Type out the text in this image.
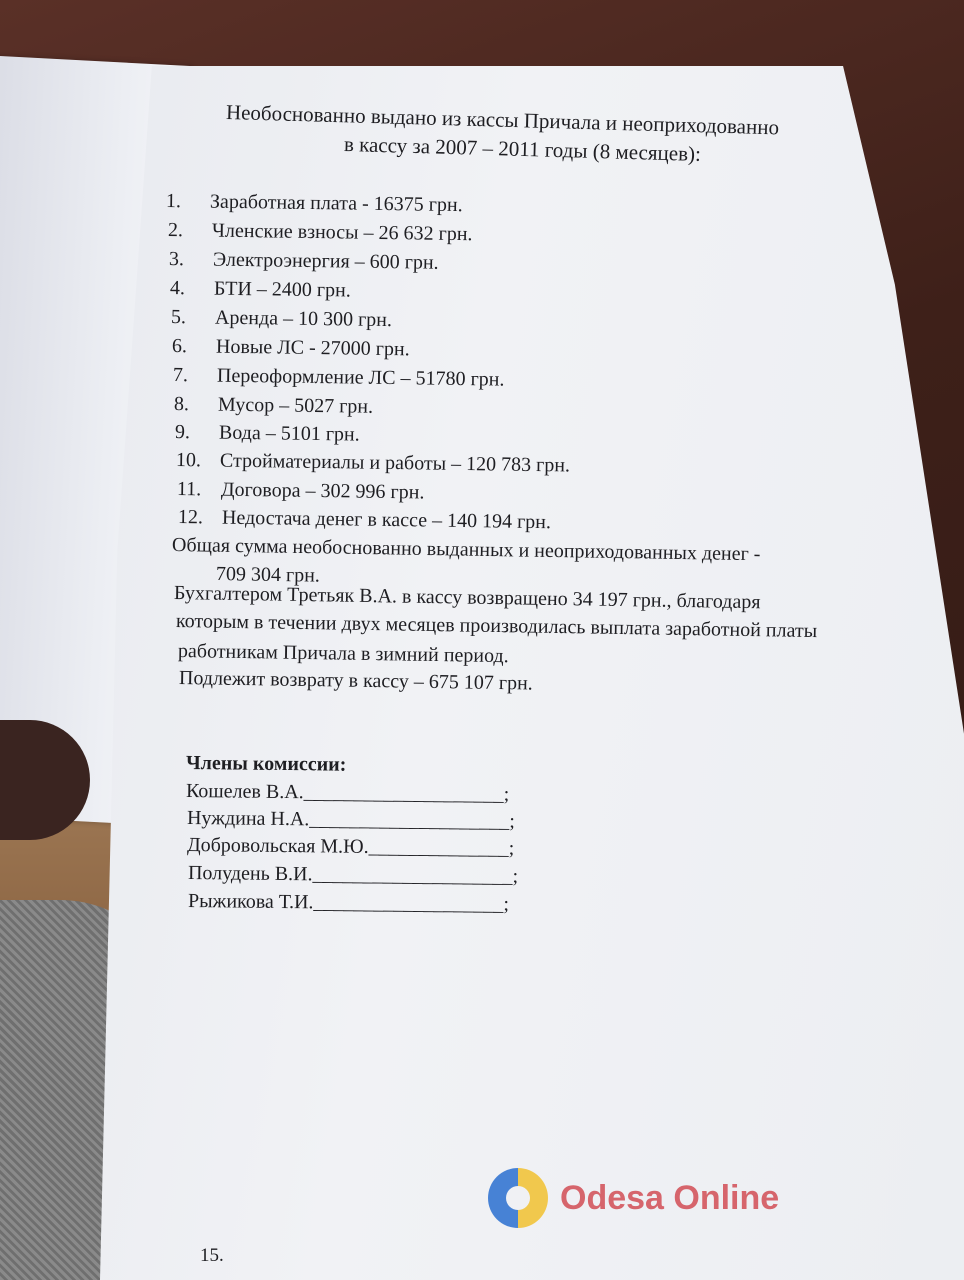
Необоснованно выдано из кассы Причала и неоприходованно
в кассу за 2007 – 2011 годы (8 месяцев):
1. Заработная плата - 16375 грн.
2. Членские взносы – 26 632 грн.
3. Электроэнергия – 600 грн.
4. БТИ – 2400 грн.
5. Аренда – 10 300 грн.
6. Новые ЛС - 27000 грн.
7. Переоформление ЛС – 51780 грн.
8. Мусор – 5027 грн.
9. Вода – 5101 грн.
10. Стройматериалы и работы – 120 783 грн.
11. Договора – 302 996 грн.
12. Недостача денег в кассе – 140 194 грн.
Общая сумма необоснованно выданных и неоприходованных денег -
709 304 грн.
Бухгалтером Третьяк В.А. в кассу возвращено 34 197 грн., благодаря
которым в течении двух месяцев производилась выплата заработной платы
работникам Причала в зимний период.
Подлежит возврату в кассу – 675 107 грн.
Члены комиссии:
Кошелев В.А.____________________;
Нуждина Н.А.____________________;
Добровольская М.Ю.______________;
Полудень В.И.____________________;
Рыжикова Т.И.___________________;
15.
Odesa Online
